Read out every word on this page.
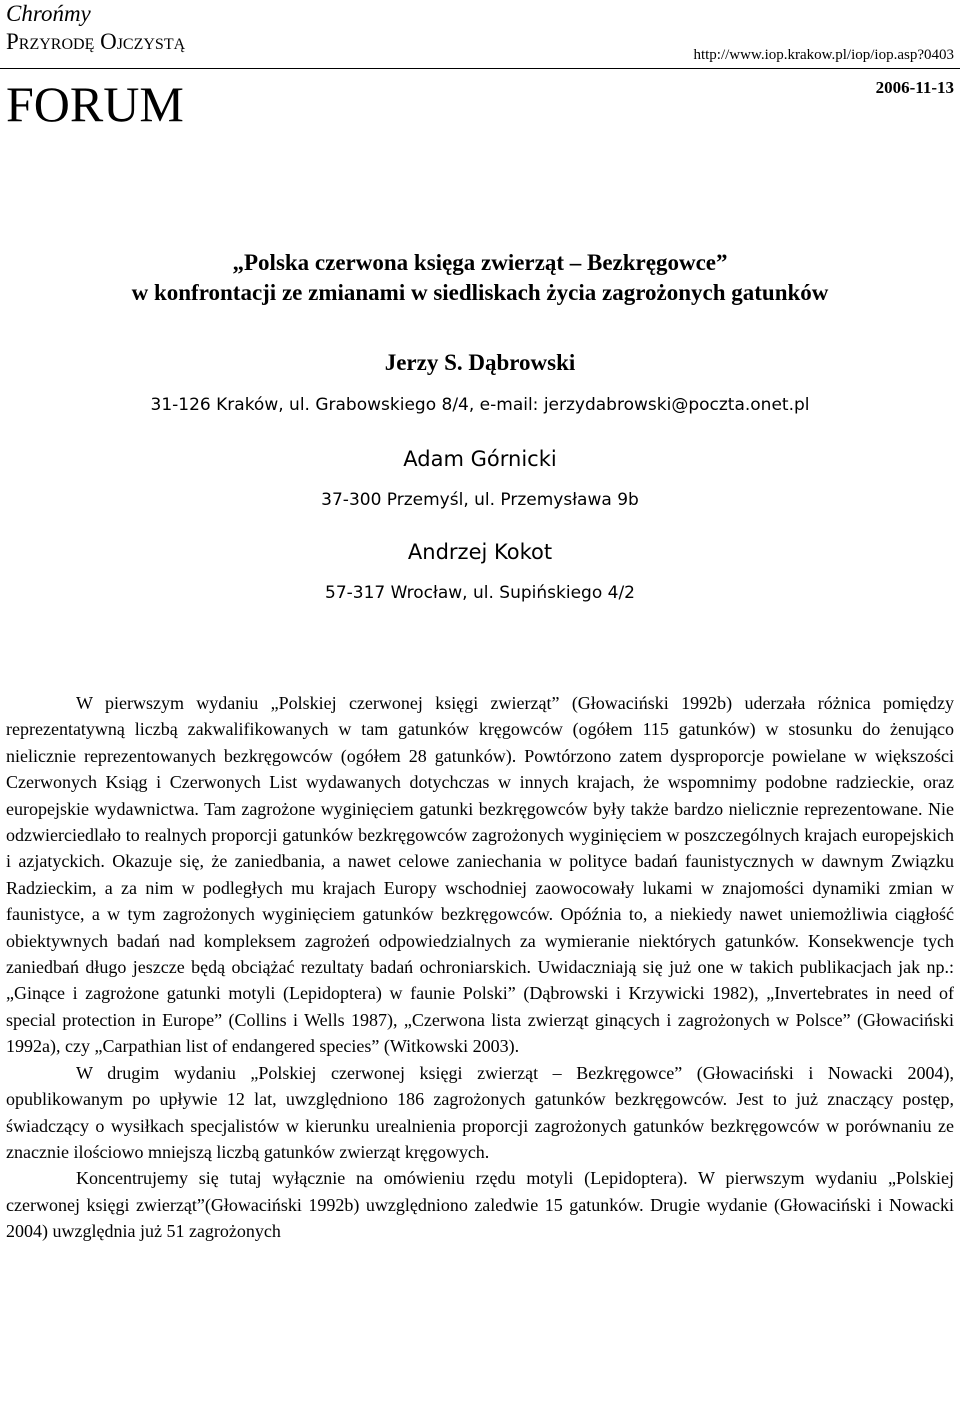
Chrońmy
Przyrodę Ojczystą
http://www.iop.krakow.pl/iop/iop.asp?0403
FORUM	2006-11-13
„Polska czerwona księga zwierząt – Bezkręgowce”
w konfrontacji ze zmianami w siedliskach życia zagrożonych gatunków
Jerzy S. Dąbrowski
31-126 Kraków, ul. Grabowskiego 8/4, e-mail: jerzydabrowski@poczta.onet.pl
Adam Górnicki
37-300 Przemyśl, ul. Przemysława 9b
Andrzej Kokot
57-317 Wrocław, ul. Supińskiego 4/2

W pierwszym wydaniu „Polskiej czerwonej księgi zwierząt” (Głowaciński 1992b) uderzała różnica pomiędzy reprezentatywną liczbą zakwalifikowanych w tam gatunków kręgowców (ogółem 115 gatunków) w stosunku do żenująco nielicznie reprezentowanych bezkręgowców (ogółem 28 gatunków). Powtórzono zatem dysproporcje powielane w większości Czerwonych Ksiąg i Czerwonych List wydawanych dotychczas w innych krajach, że wspomnimy podobne radzieckie, oraz europejskie wydawnictwa. Tam zagrożone wyginięciem gatunki bezkręgowców były także bardzo nielicznie reprezentowane. Nie odzwierciedlało to realnych proporcji gatunków bezkręgowców zagrożonych wyginięciem w poszczególnych krajach europejskich i azjatyckich. Okazuje się, że zaniedbania, a nawet celowe zaniechania w polityce badań faunistycznych w dawnym Związku Radzieckim, a za nim w podległych mu krajach Europy wschodniej zaowocowały lukami w znajomości dynamiki zmian w faunistyce, a w tym zagrożonych wyginięciem gatunków bezkręgowców. Opóźnia to, a niekiedy nawet uniemożliwia ciągłość obiektywnych badań nad kompleksem zagrożeń odpowiedzialnych za wymieranie niektórych gatunków. Konsekwencje tych zaniedbań długo jeszcze będą obciążać rezultaty badań ochroniarskich. Uwidaczniają się już one w takich publikacjach jak np.: „Ginące i zagrożone gatunki motyli (Lepidoptera) w faunie Polski” (Dąbrowski i Krzywicki 1982), „Invertebrates in need of special protection in Europe” (Collins i Wells 1987), „Czerwona lista zwierząt ginących i zagrożonych w Polsce” (Głowaciński 1992a), czy „Carpathian list of endangered species” (Witkowski 2003).

W drugim wydaniu „Polskiej czerwonej księgi zwierząt – Bezkręgowce” (Głowaciński i Nowacki 2004), opublikowanym po upływie 12 lat, uwzględniono 186 zagrożonych gatunków bezkręgowców. Jest to już znaczący postęp, świadczący o wysiłkach specjalistów w kierunku urealnienia proporcji zagrożonych gatunków bezkręgowców w porównaniu ze znacznie ilościowo mniejszą liczbą gatunków zwierząt kręgowych.

Koncentrujemy się tutaj wyłącznie na omówieniu rzędu motyli (Lepidoptera). W pierwszym wydaniu „Polskiej czerwonej księgi zwierząt”(Głowaciński 1992b) uwzględniono zaledwie 15 gatunków. Drugie wydanie (Głowaciński i Nowacki 2004) uwzględnia już 51 zagrożonych
